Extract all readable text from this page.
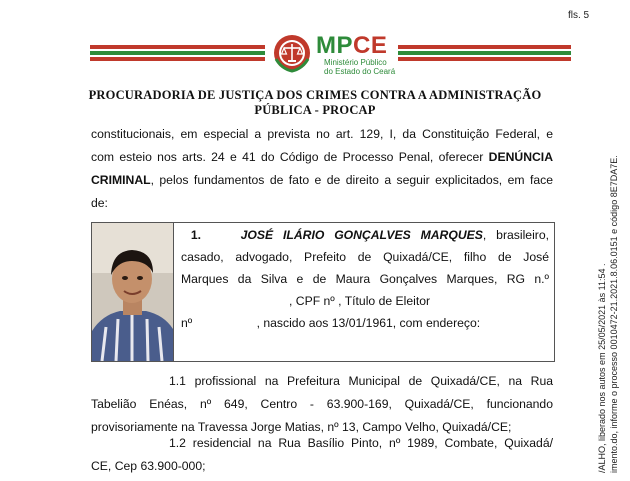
fls. 5
MPCE
Ministério Público
do Estado do Ceará
PROCURADORIA DE JUSTIÇA DOS CRIMES CONTRA A ADMINISTRAÇÃO
PÚBLICA - PROCAP
constitucionais, em especial a prevista no art. 129, I, da Constituição Federal, e
com esteio nos arts. 24 e 41 do Código de Processo Penal, oferecer DENÚNCIA
CRIMINAL, pelos fundamentos de fato e de direito a seguir explicitados, em face
de:
1.	JOSÉ ILÁRIO GONÇALVES MARQUES, brasileiro,
casado, advogado, Prefeito de Quixadá/CE, filho de José
Marques da Silva e de Maura Gonçalves Marques, RG n.º
, CPF nº , Título de Eleitor
nº	, nascido aos 13/01/1961, com endereço:
1.1 profissional na Prefeitura Municipal de Quixadá/CE, na Rua
Tabelião Enéas, nº 649, Centro - 63.900-169, Quixadá/CE, funcionando
provisoriamente na Travessa Jorge Matias, nº 13, Campo Velho, Quixadá/CE;
1.2 residencial na Rua Basílio Pinto, nº 1989, Combate, Quixadá/
CE, Cep 63.900-000;	/ALHO, liberado nos autos em 25/05/2021 às 11:54 . imento.do, informe o processo 0010472-21.2021.8.06.0151 e código 8E7DA7E.
